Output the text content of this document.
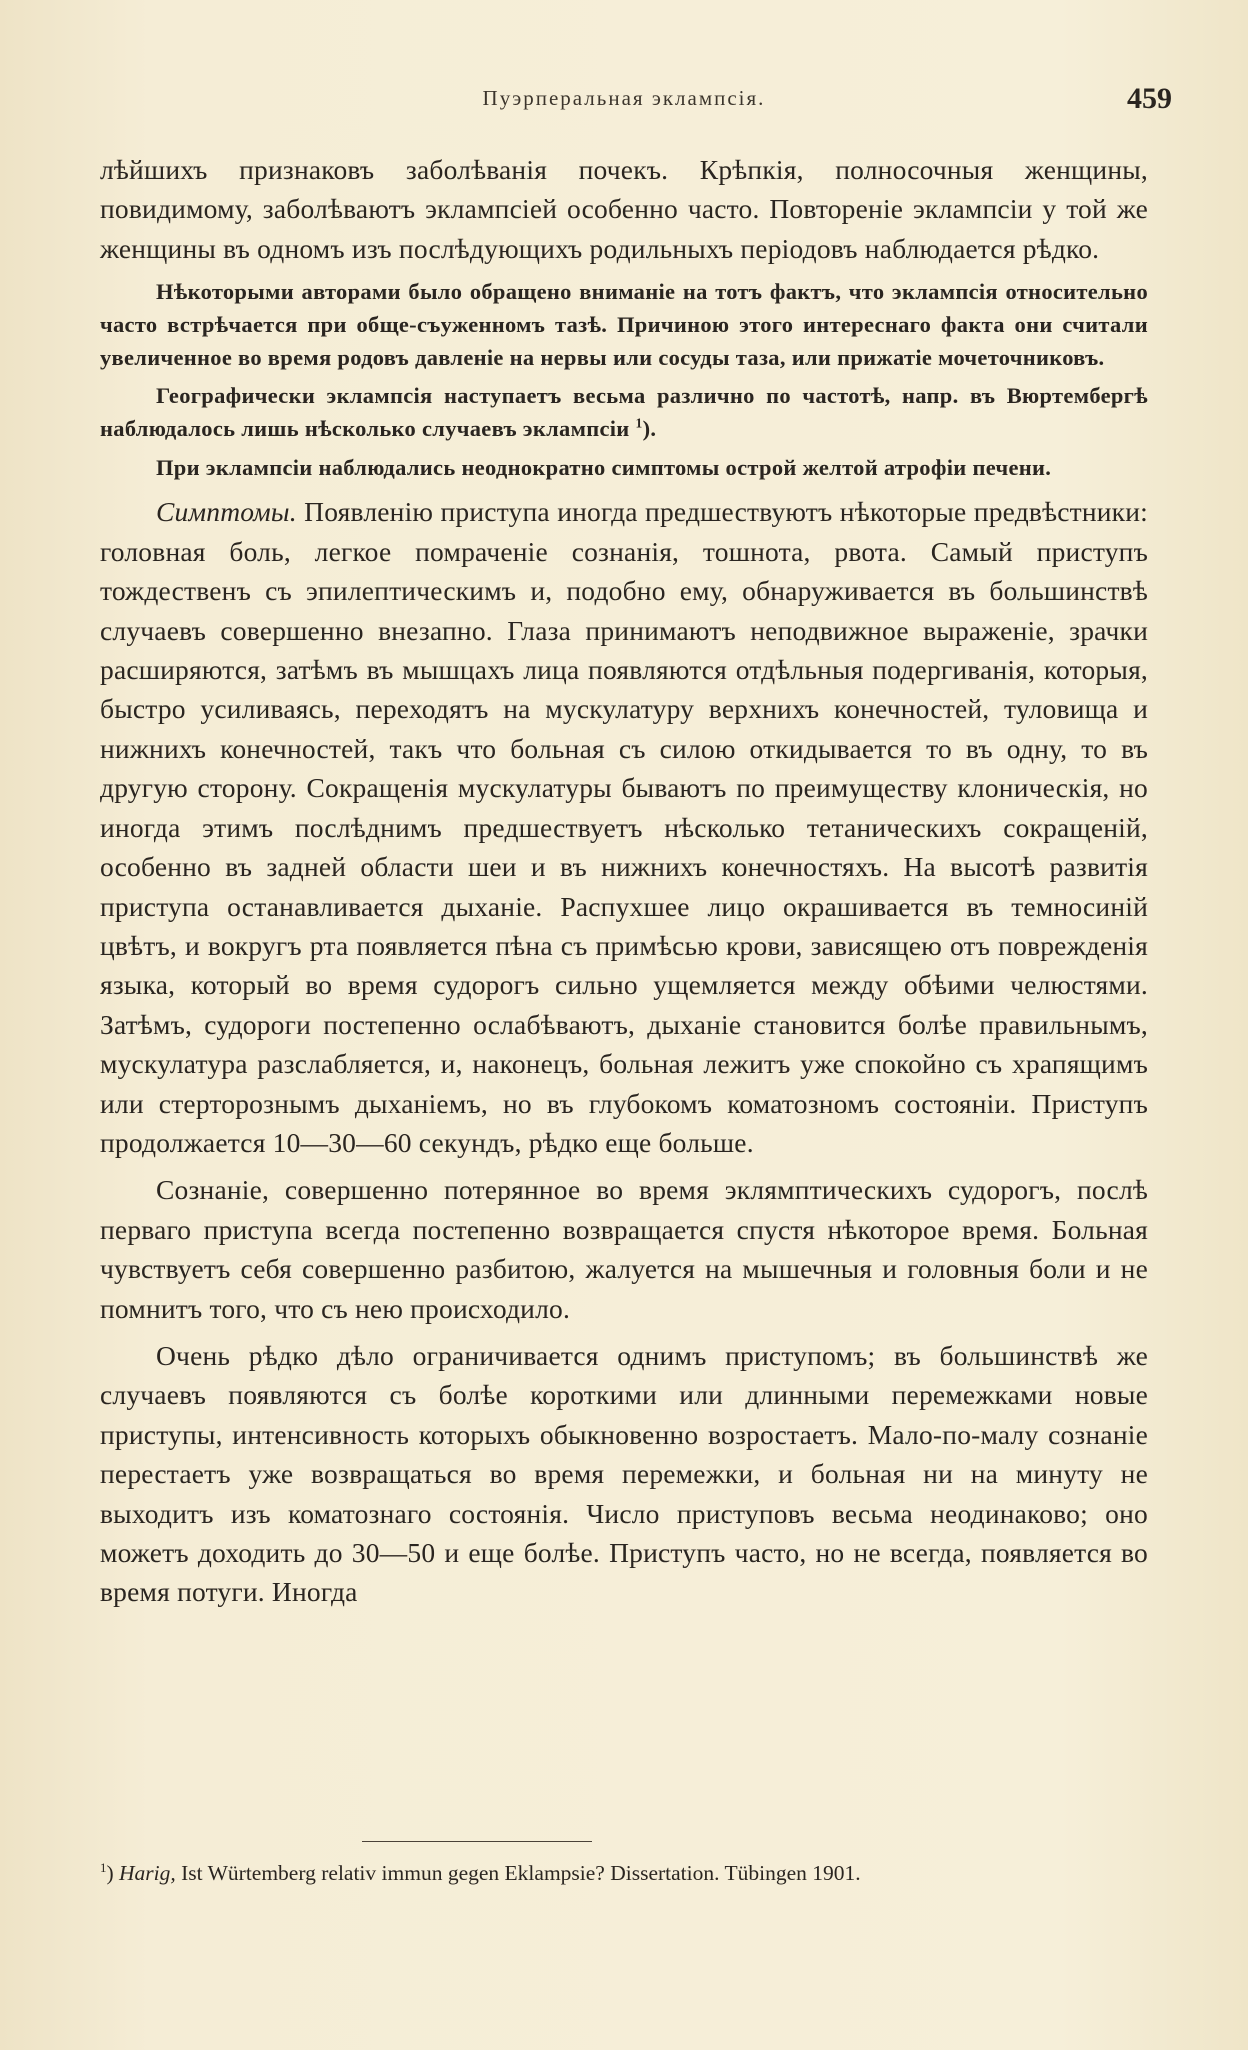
Пуэрперальная эклампсія.	459

лѣйшихъ признаковъ заболѣванія почекъ. Крѣпкія, полносочныя женщины, повидимому, заболѣваютъ эклампсіей особенно часто. Повтореніе эклампсіи у той же женщины въ одномъ изъ послѣдующихъ родильныхъ періодовъ наблюдается рѣдко.

Нѣкоторыми авторами было обращено вниманіе на тотъ фактъ, что эклампсія относительно часто встрѣчается при обще-съуженномъ тазѣ. Причиною этого интереснаго факта они считали увеличенное во время родовъ давленіе на нервы или сосуды таза, или прижатіе мочеточниковъ.

Географически эклампсія наступаетъ весьма различно по частотѣ, напр. въ Вюртембергѣ наблюдалось лишь нѣсколько случаевъ эклампсіи $^1$).

При эклампсіи наблюдались неоднократно симптомы острой желтой атрофіи печени.

Симптомы. Появленію приступа иногда предшествуютъ нѣкоторые предвѣстники: головная боль, легкое помраченіе сознанія, тошнота, рвота. Самый приступъ тождественъ съ эпилептическимъ и, подобно ему, обнаруживается въ большинствѣ случаевъ совершенно внезапно. Глаза принимаютъ неподвижное выраженіе, зрачки расширяются, затѣмъ въ мышцахъ лица появляются отдѣльныя подергиванія, которыя, быстро усиливаясь, переходятъ на мускулатуру верхнихъ конечностей, туловища и нижнихъ конечностей, такъ что больная съ силою откидывается то въ одну, то въ другую сторону. Сокращенія мускулатуры бываютъ по преимуществу клоническія, но иногда этимъ послѣднимъ предшествуетъ нѣсколько тетаническихъ сокращеній, особенно въ задней области шеи и въ нижнихъ конечностяхъ. На высотѣ развитія приступа останавливается дыханіе. Распухшее лицо окрашивается въ темносиній цвѣтъ, и вокругъ рта появляется пѣна съ примѣсью крови, зависящею отъ поврежденія языка, который во время судорогъ сильно ущемляется между обѣими челюстями. Затѣмъ, судороги постепенно ослабѣваютъ, дыханіе становится болѣе правильнымъ, мускулатура разслабляется, и, наконецъ, больная лежитъ уже спокойно съ храпящимъ или стерторознымъ дыханіемъ, но въ глубокомъ коматозномъ состояніи. Приступъ продолжается 10—30—60 секундъ, рѣдко еще больше.

Сознаніе, совершенно потерянное во время эклямптическихъ судорогъ, послѣ перваго приступа всегда постепенно возвращается спустя нѣкоторое время. Больная чувствуетъ себя совершенно разбитою, жалуется на мышечныя и головныя боли и не помнитъ того, что съ нею происходило.

Очень рѣдко дѣло ограничивается однимъ приступомъ; въ большинствѣ же случаевъ появляются съ болѣе короткими или длинными перемежками новые приступы, интенсивность которыхъ обыкновенно возростаетъ. Мало-по-малу сознаніе перестаетъ уже возвращаться во время перемежки, и больная ни на минуту не выходитъ изъ коматознаго состоянія. Число приступовъ весьма неодинаково; оно можетъ доходить до 30—50 и еще болѣе. Приступъ часто, но не всегда, появляется во время потуги. Иногда

$^1$) Harig, Ist Würtemberg relativ immun gegen Eklampsie? Dissertation. Tübingen 1901.
